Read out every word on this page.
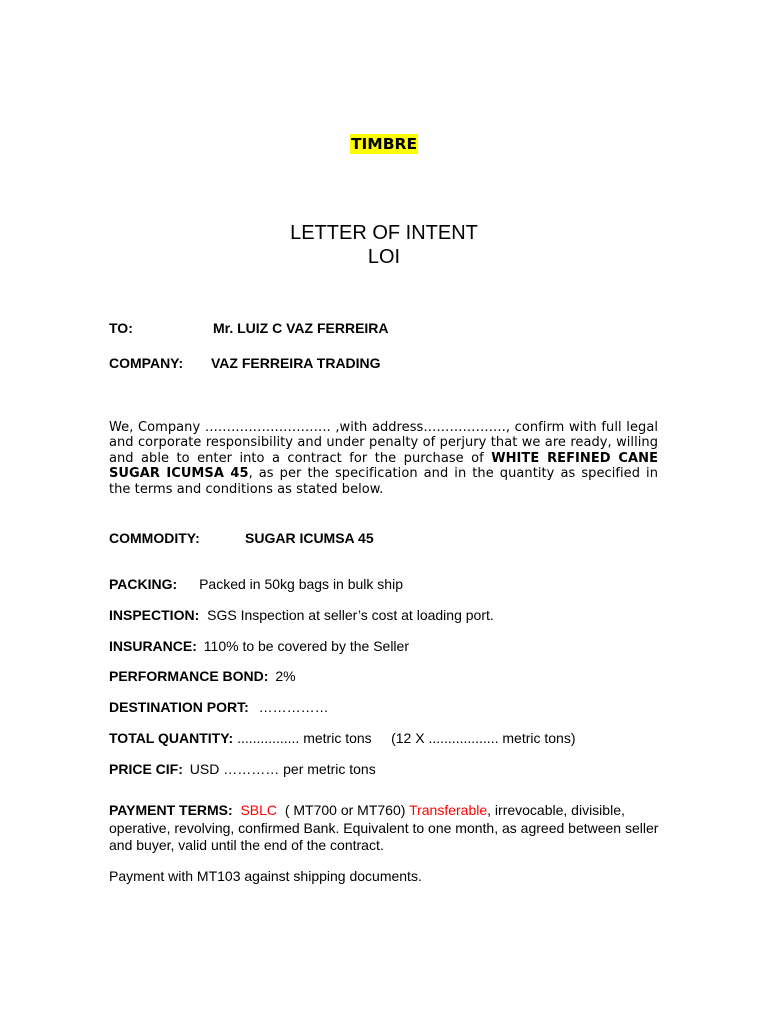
TIMBRE
LETTER OF INTENT
LOI
TO:	Mr. LUIZ C VAZ FERREIRA
COMPANY: VAZ FERREIRA TRADING
We, Company ……………………….. ,with address………………., confirm with full legal and corporate responsibility and under penalty of perjury that we are ready, willing and able to enter into a contract for the purchase of WHITE REFINED CANE SUGAR ICUMSA 45, as per the specification and in the quantity as specified in the terms and conditions as stated below.
COMMODITY:	SUGAR ICUMSA 45
PACKING: Packed in 50kg bags in bulk ship
INSPECTION: SGS Inspection at seller’s cost at loading port.
INSURANCE: 110% to be covered by the Seller
PERFORMANCE BOND: 2%
DESTINATION PORT: ……………
TOTAL QUANTITY: ................ metric tons     (12 X .................. metric tons)
PRICE CIF: USD ………… per metric tons
PAYMENT TERMS: SBLC ( MT700 or MT760) Transferable, irrevocable, divisible, operative, revolving, confirmed Bank. Equivalent to one month, as agreed between seller and buyer, valid until the end of the contract.
Payment with MT103 against shipping documents.
